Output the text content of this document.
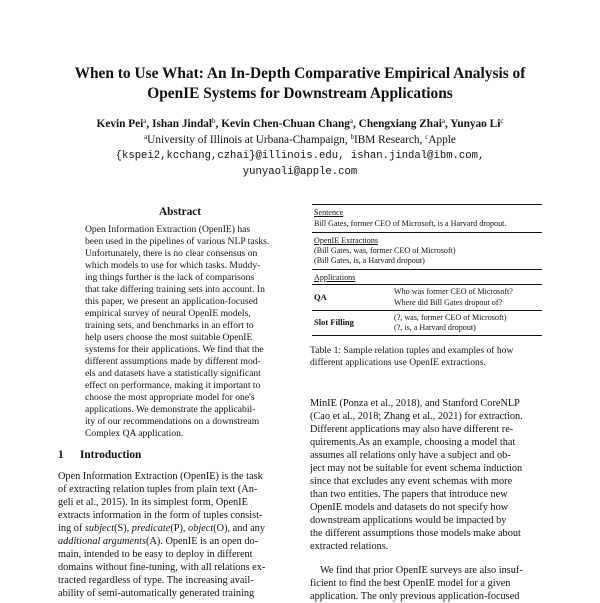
When to Use What: An In-Depth Comparative Empirical Analysis of
OpenIE Systems for Downstream Applications
Kevin Pei$^a$, Ishan Jindal$^b$, Kevin Chen-Chuan Chang$^a$, Chengxiang Zhai$^a$, Yunyao Li$^c$
$^a$University of Illinois at Urbana-Champaign, $^b$IBM Research, $^c$Apple
{kspei2,kcchang,czhai}@illinois.edu, ishan.jindal@ibm.com,
yunyaoli@apple.com
Abstract
Open Information Extraction (OpenIE) has
been used in the pipelines of various NLP tasks.
Unfortunately, there is no clear consensus on
which models to use for which tasks. Muddy-
ing things further is the lack of comparisons
that take differing training sets into account. In
this paper, we present an application-focused
empirical survey of neural OpenIE models,
training sets, and benchmarks in an effort to
help users choose the most suitable OpenIE
systems for their applications. We find that the
different assumptions made by different mod-
els and datasets have a statistically significant
effect on performance, making it important to
choose the most appropriate model for one's
applications. We demonstrate the applicabil-
ity of our recommendations on a downstream
Complex QA application.
1 Introduction
Open Information Extraction (OpenIE) is the task
of extracting relation tuples from plain text (An-
geli et al., 2015). In its simplest form, OpenIE
extracts information in the form of tuples consist-
ing of subject(S), predicate(P), object(O), and any
additional arguments(A). OpenIE is an open do-
main, intended to be easy to deploy in different
domains without fine-tuning, with all relations ex-
tracted regardless of type. The increasing avail-
ability of semi-automatically generated training
Sentence
Bill Gates, former CEO of Microsoft, is a Harvard dropout.
OpenIE Extractions
(Bill Gates, was, former CEO of Microsoft)
(Bill Gates, is, a Harvard dropout)
Applications
QA
Who was former CEO of Microsoft?
Where did Bill Gates dropout of?
Slot Filling	(?, was, former CEO of Microsoft)
(?, is, a Harvard dropout)
Table 1: Sample relation tuples and examples of how
different applications use OpenIE extractions.
MinIE (Ponza et al., 2018), and Stanford CoreNLP
(Cao et al., 2018; Zhang et al., 2021) for extraction.
Different applications may also have different re-
quirements.As an example, choosing a model that
assumes all relations only have a subject and ob-
ject may not be suitable for event schema induction
since that excludes any event schemas with more
than two entities. The papers that introduce new
OpenIE models and datasets do not specify how
downstream applications would be impacted by
the different assumptions those models make about
extracted relations.
We find that prior OpenIE surveys are also insuf-
ficient to find the best OpenIE model for a given
application. The only previous application-focused
